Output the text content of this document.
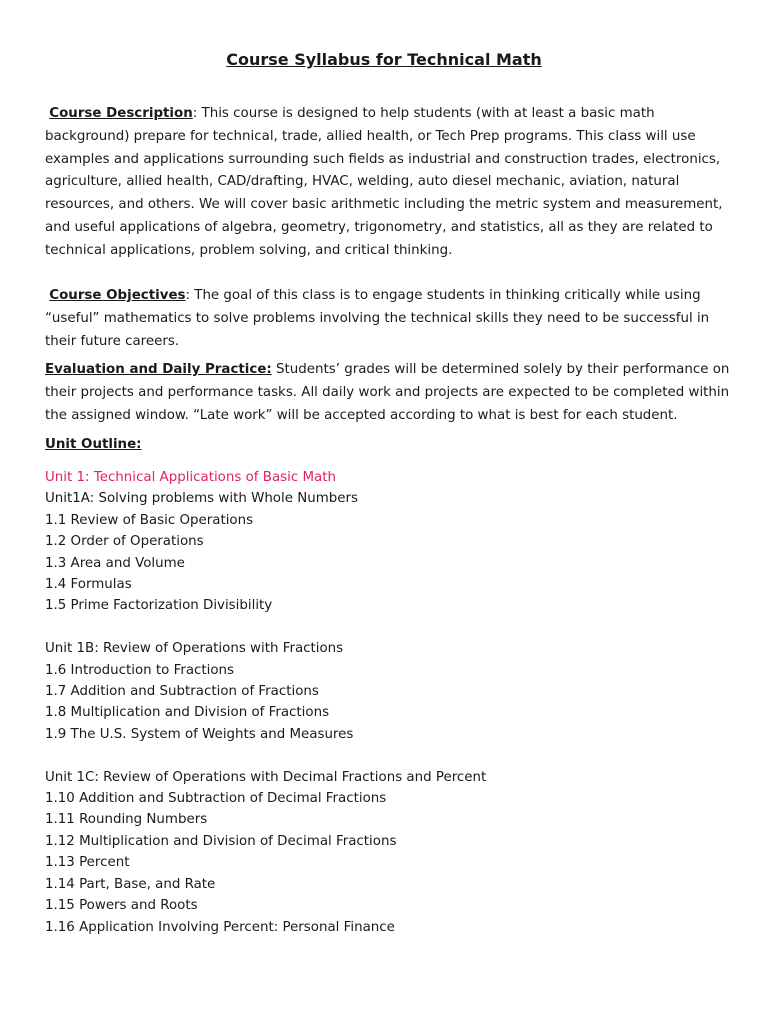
Course Syllabus for Technical Math
Course Description: This course is designed to help students (with at least a basic math background) prepare for technical, trade, allied health, or Tech Prep programs. This class will use examples and applications surrounding such fields as industrial and construction trades, electronics, agriculture, allied health, CAD/drafting, HVAC, welding, auto diesel mechanic, aviation, natural resources, and others. We will cover basic arithmetic including the metric system and measurement, and useful applications of algebra, geometry, trigonometry, and statistics, all as they are related to technical applications, problem solving, and critical thinking.
Course Objectives: The goal of this class is to engage students in thinking critically while using “useful” mathematics to solve problems involving the technical skills they need to be successful in their future careers.
Evaluation and Daily Practice: Students’ grades will be determined solely by their performance on their projects and performance tasks. All daily work and projects are expected to be completed within the assigned window. “Late work” will be accepted according to what is best for each student.
Unit Outline:
Unit 1: Technical Applications of Basic Math
Unit1A: Solving problems with Whole Numbers
1.1 Review of Basic Operations
1.2 Order of Operations
1.3 Area and Volume
1.4 Formulas
1.5 Prime Factorization Divisibility
Unit 1B: Review of Operations with Fractions
1.6 Introduction to Fractions
1.7 Addition and Subtraction of Fractions
1.8 Multiplication and Division of Fractions
1.9 The U.S. System of Weights and Measures
Unit 1C: Review of Operations with Decimal Fractions and Percent
1.10 Addition and Subtraction of Decimal Fractions
1.11 Rounding Numbers
1.12 Multiplication and Division of Decimal Fractions
1.13 Percent
1.14 Part, Base, and Rate
1.15 Powers and Roots
1.16 Application Involving Percent: Personal Finance
